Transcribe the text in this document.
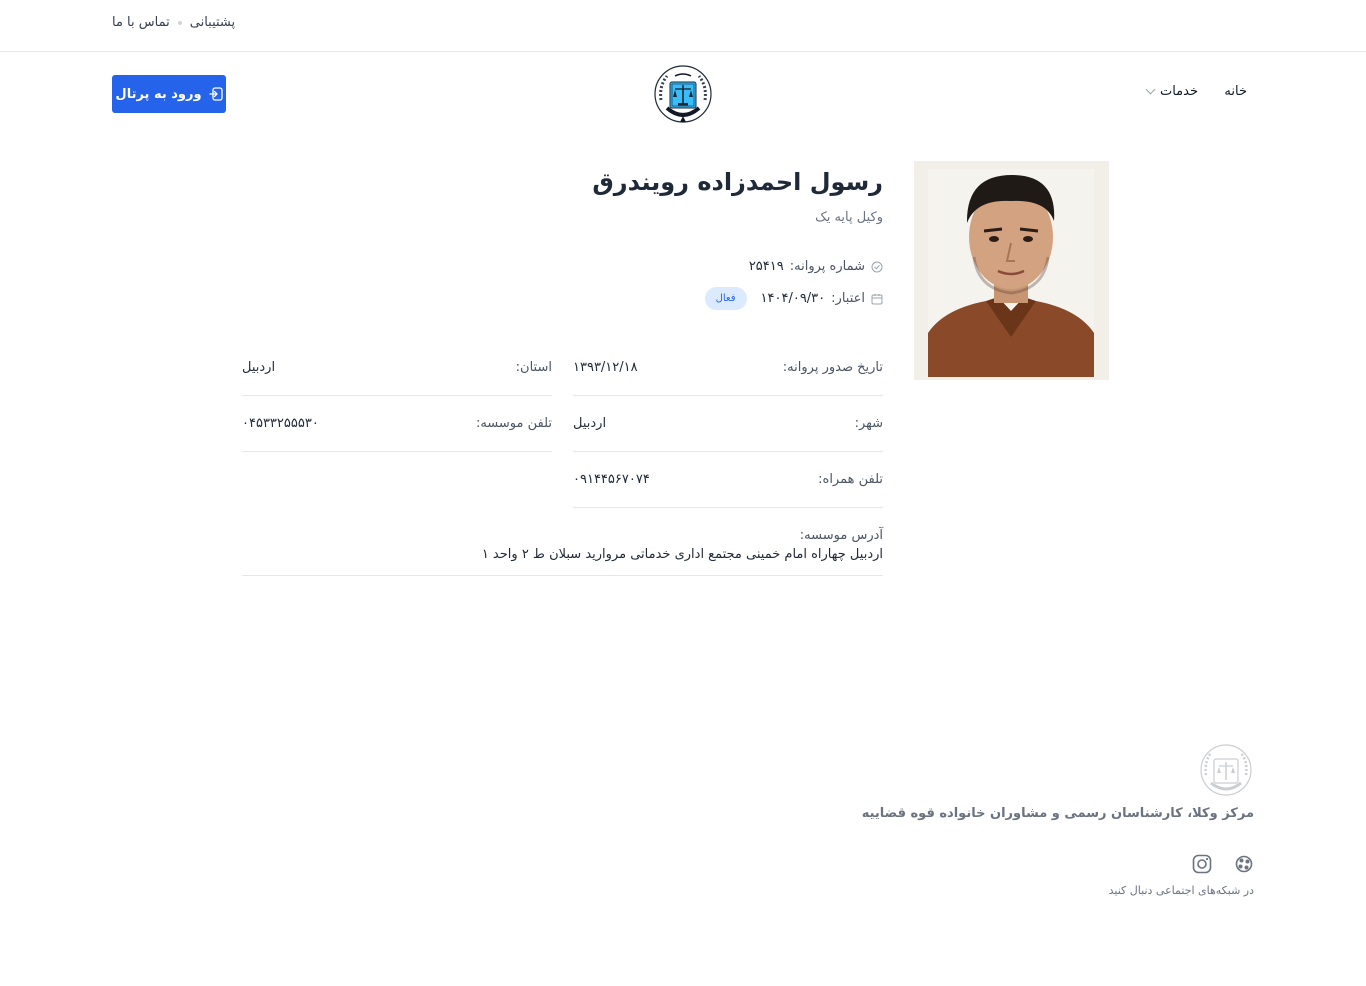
پشتیبانی
تماس با ما
خانه
خدمات
ورود به پرتال
رسول احمدزاده رویندرق
وکیل پایه یک
شماره پروانه:
۲۵۴۱۹
اعتبار:
۱۴۰۴/۰۹/۳۰
فعال
تاریخ صدور پروانه:
۱۳۹۳/۱۲/۱۸
استان:
اردبیل
شهر:
اردبیل
تلفن موسسه:
۰۴۵۳۳۲۵۵۵۳۰
تلفن همراه:
۰۹۱۴۴۵۶۷۰۷۴
آدرس موسسه:
اردبیل چهاراه امام خمینی مجتمع اداری خدماتی مروارید سبلان ط ۲ واحد ۱
مرکز وکلا، کارشناسان رسمی و مشاوران خانواده قوه قضاییه
در شبکه‌های اجتماعی دنبال کنید
